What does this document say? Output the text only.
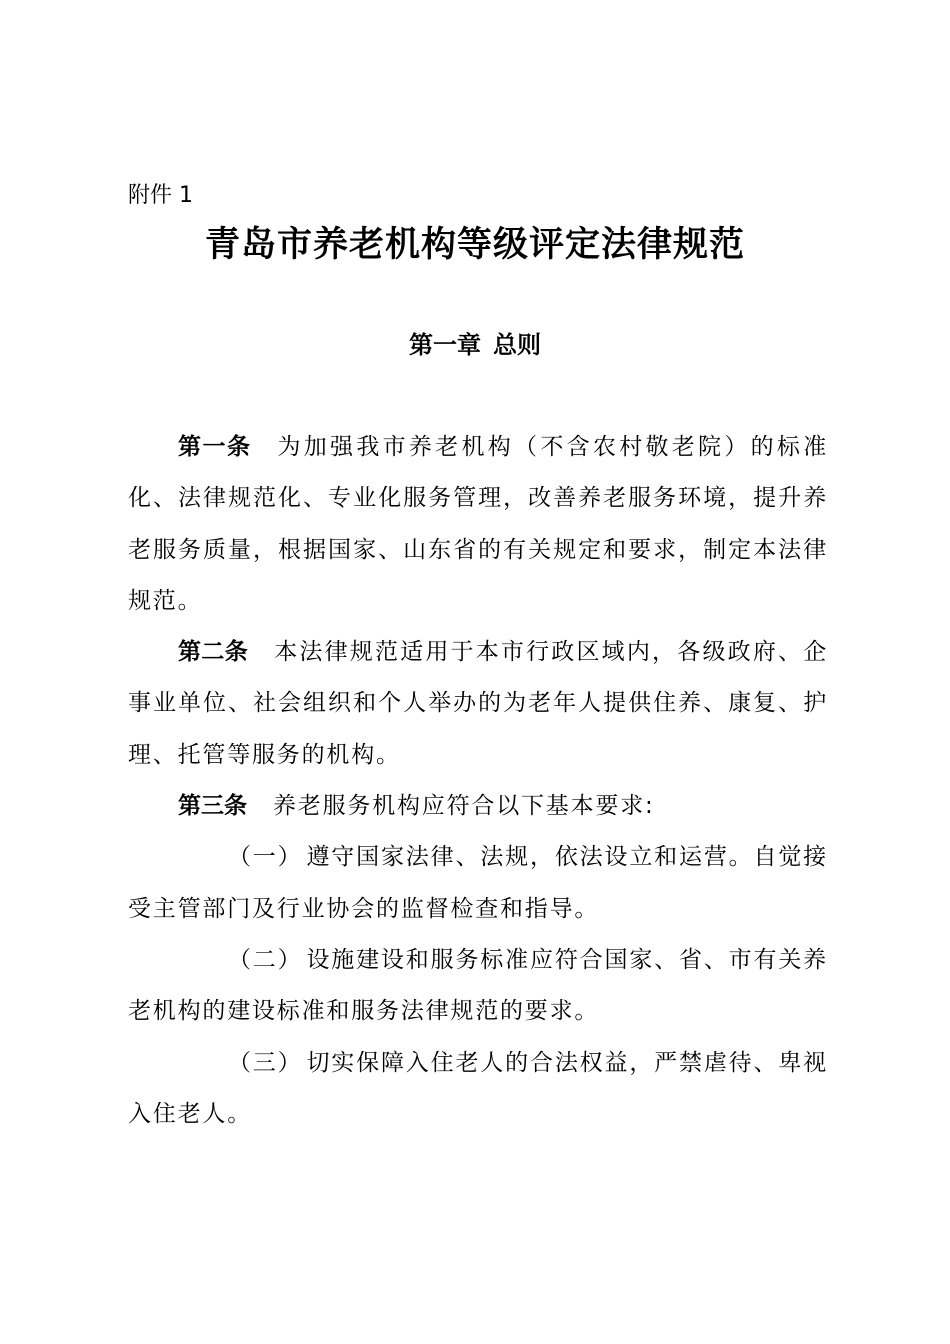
附件 1
青岛市养老机构等级评定法律规范
第一章 总则

第一条 为加强我市养老机构（不含农村敬老院）的标准化、法律规范化、专业化服务管理，改善养老服务环境，提升养老服务质量，根据国家、山东省的有关规定和要求，制定本法律规范。

第二条 本法律规范适用于本市行政区域内，各级政府、企事业单位、社会组织和个人举办的为老年人提供住养、康复、护理、托管等服务的机构。

第三条 养老服务机构应符合以下基本要求:

（一） 遵守国家法律、法规，依法设立和运营。自觉接受主管部门及行业协会的监督检查和指导。

（二） 设施建设和服务标准应符合国家、省、市有关养老机构的建设标准和服务法律规范的要求。

（三） 切实保障入住老人的合法权益，严禁虐待、卑视入住老人。
